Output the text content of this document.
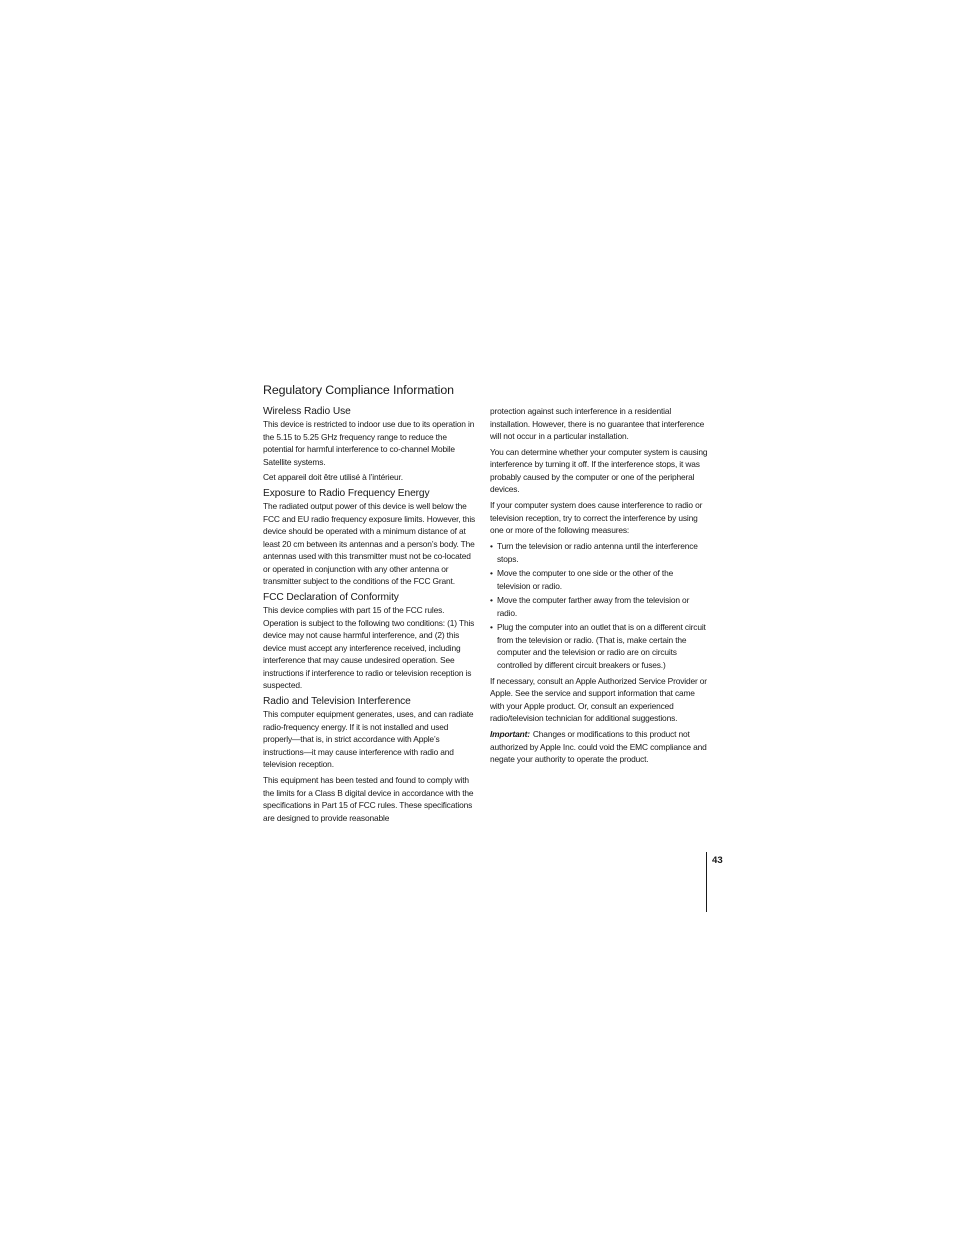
Regulatory Compliance Information
Wireless Radio Use

This device is restricted to indoor use due to its operation in the 5.15 to 5.25 GHz frequency range to reduce the potential for harmful interference to co-channel Mobile Satellite systems.

Cet appareil doit être utilisé à l’intérieur.

Exposure to Radio Frequency Energy

The radiated output power of this device is well below the FCC and EU radio frequency exposure limits. However, this device should be operated with a minimum distance of at least 20 cm between its antennas and a person’s body. The antennas used with this transmitter must not be co-located or operated in conjunction with any other antenna or transmitter subject to the conditions of the FCC Grant.

FCC Declaration of Conformity

This device complies with part 15 of the FCC rules. Operation is subject to the following two conditions: (1) This device may not cause harmful interference, and (2) this device must accept any interference received, including interference that may cause undesired operation. See instructions if interference to radio or television reception is suspected.

Radio and Television Interference

This computer equipment generates, uses, and can radiate radio-frequency energy. If it is not installed and used properly—that is, in strict accordance with Apple’s instructions—it may cause interference with radio and television reception.

This equipment has been tested and found to comply with the limits for a Class B digital device in accordance with the specifications in Part 15 of FCC rules. These specifications are designed to provide reasonable

protection against such interference in a residential installation. However, there is no guarantee that interference will not occur in a particular installation.

You can determine whether your computer system is causing interference by turning it off. If the interference stops, it was probably caused by the computer or one of the peripheral devices.

If your computer system does cause interference to radio or television reception, try to correct the interference by using one or more of the following measures:

• Turn the television or radio antenna until the interference stops.
• Move the computer to one side or the other of the television or radio.
• Move the computer farther away from the television or radio.
• Plug the computer into an outlet that is on a different circuit from the television or radio. (That is, make certain the computer and the television or radio are on circuits controlled by different circuit breakers or fuses.)

If necessary, consult an Apple Authorized Service Provider or Apple. See the service and support information that came with your Apple product. Or, consult an experienced radio/television technician for additional suggestions.

Important: Changes or modifications to this product not authorized by Apple Inc. could void the EMC compliance and negate your authority to operate the product.

43
